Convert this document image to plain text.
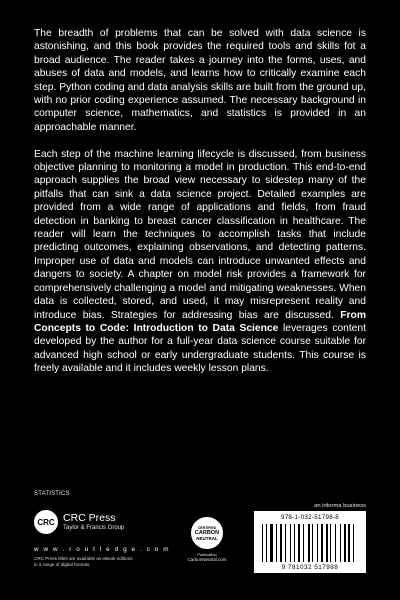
The breadth of problems that can be solved with data science is astonishing, and this book provides the required tools and skills fot a broad audience. The reader takes a journey into the forms, uses, and abuses of data and models, and learns how to critically examine each step. Python coding and data analysis skills are built from the ground up, with no prior coding experience assumed. The necessary background in computer science, mathematics, and statistics is provided in an approachable manner.

Each step of the machine learning lifecycle is discussed, from business objective planning to monitoring a model in production. This end-to-end approach supplies the broad view necessary to sidestep many of the pitfalls that can sink a data science project. Detailed examples are provided from a wide range of applications and fields, from fraud detection in banking to breast cancer classification in healthcare. The reader will learn the techniques to accomplish tasks that include predicting outcomes, explaining observations, and detecting patterns. Improper use of data and models can introduce unwanted effects and dangers to society. A chapter on model risk provides a framework for comprehensively challenging a model and mitigating weaknesses. When data is collected, stored, and used, it may misrepresent reality and introduce bias. Strategies for addressing bias are discussed. From Concepts to Code: Introduction to Data Science leverages content developed by the author for a full-year data science course suitable for advanced high school or early undergraduate students. This course is freely available and it includes weekly lesson plans.

STATISTICS
CRC CRC Press
Taylor & Francis Group
w w w . r o u t l e d g e . c o m
CRC Press titles are available as eBook editions
in a range of digital formats
CERTIFIED
CARBON
NEUTRAL
Publication
CarbonNeutral.com
an informa business
978-1-032-51798-8
9 781032 517988
